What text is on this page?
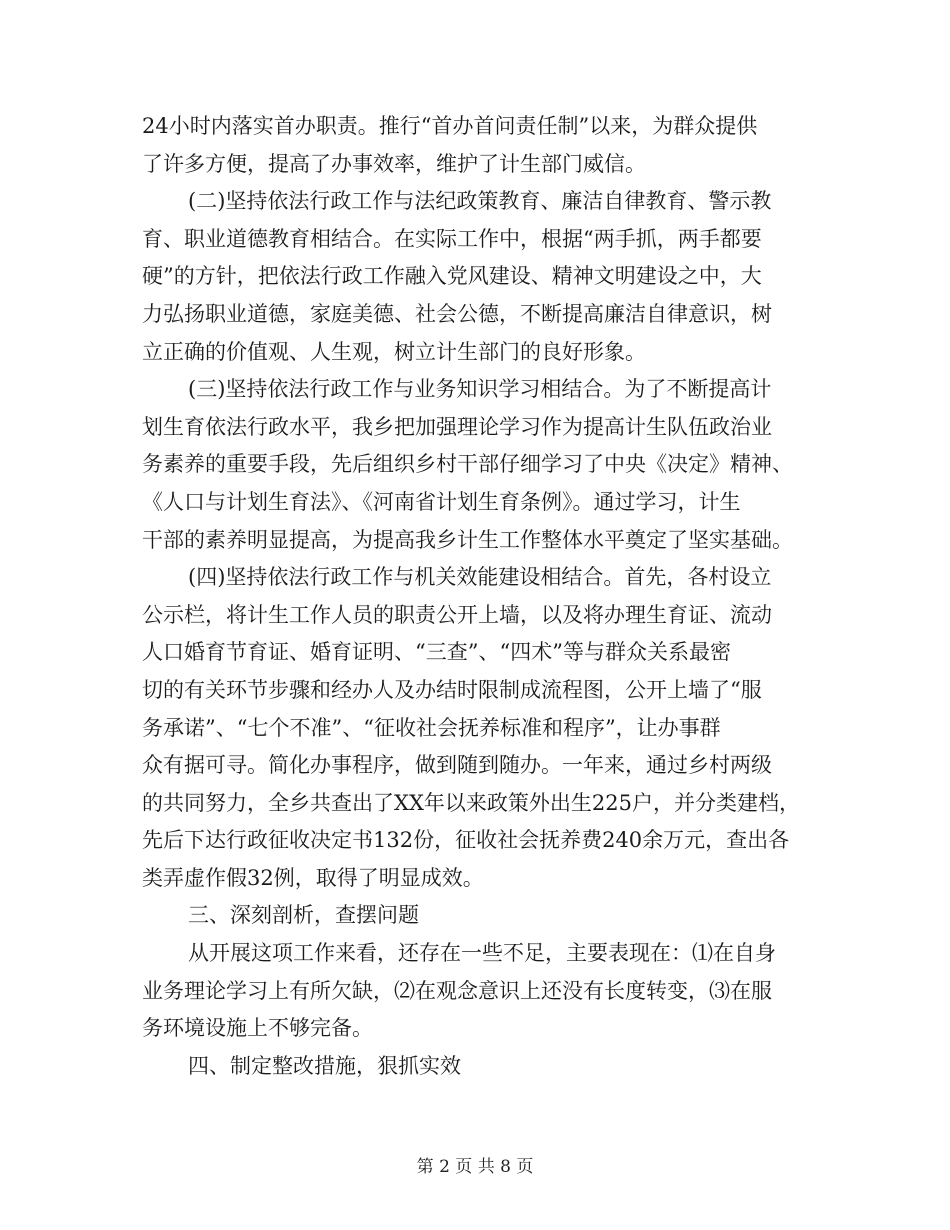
24小时内落实首办职责。推行“首办首问责任制”以来，为群众提供
了许多方便，提高了办事效率，维护了计生部门威信。

(二)坚持依法行政工作与法纪政策教育、廉洁自律教育、警示教
育、职业道德教育相结合。在实际工作中，根据“两手抓，两手都要
硬”的方针，把依法行政工作融入党风建设、精神文明建设之中，大
力弘扬职业道德，家庭美德、社会公德，不断提高廉洁自律意识，树
立正确的价值观、人生观，树立计生部门的良好形象。

(三)坚持依法行政工作与业务知识学习相结合。为了不断提高计
划生育依法行政水平，我乡把加强理论学习作为提高计生队伍政治业
务素养的重要手段，先后组织乡村干部仔细学习了中央《决定》精神、
《人口与计划生育法》、《河南省计划生育条例》。通过学习，计生
干部的素养明显提高，为提高我乡计生工作整体水平奠定了坚实基础。

(四)坚持依法行政工作与机关效能建设相结合。首先，各村设立
公示栏，将计生工作人员的职责公开上墙，以及将办理生育证、流动
人口婚育节育证、婚育证明、“三查”、“四术”等与群众关系最密
切的有关环节步骤和经办人及办结时限制成流程图，公开上墙了“服
务承诺”、“七个不准”、“征收社会抚养标准和程序”，让办事群
众有据可寻。简化办事程序，做到随到随办。一年来，通过乡村两级
的共同努力，全乡共查出了XX年以来政策外出生225户，并分类建档，
先后下达行政征收决定书132份，征收社会抚养费240余万元，查出各
类弄虚作假32例，取得了明显成效。

三、深刻剖析，查摆问题

从开展这项工作来看，还存在一些不足，主要表现在：⑴在自身
业务理论学习上有所欠缺，⑵在观念意识上还没有长度转变，⑶在服
务环境设施上不够完备。

四、制定整改措施，狠抓实效

第 2 页 共 8 页
